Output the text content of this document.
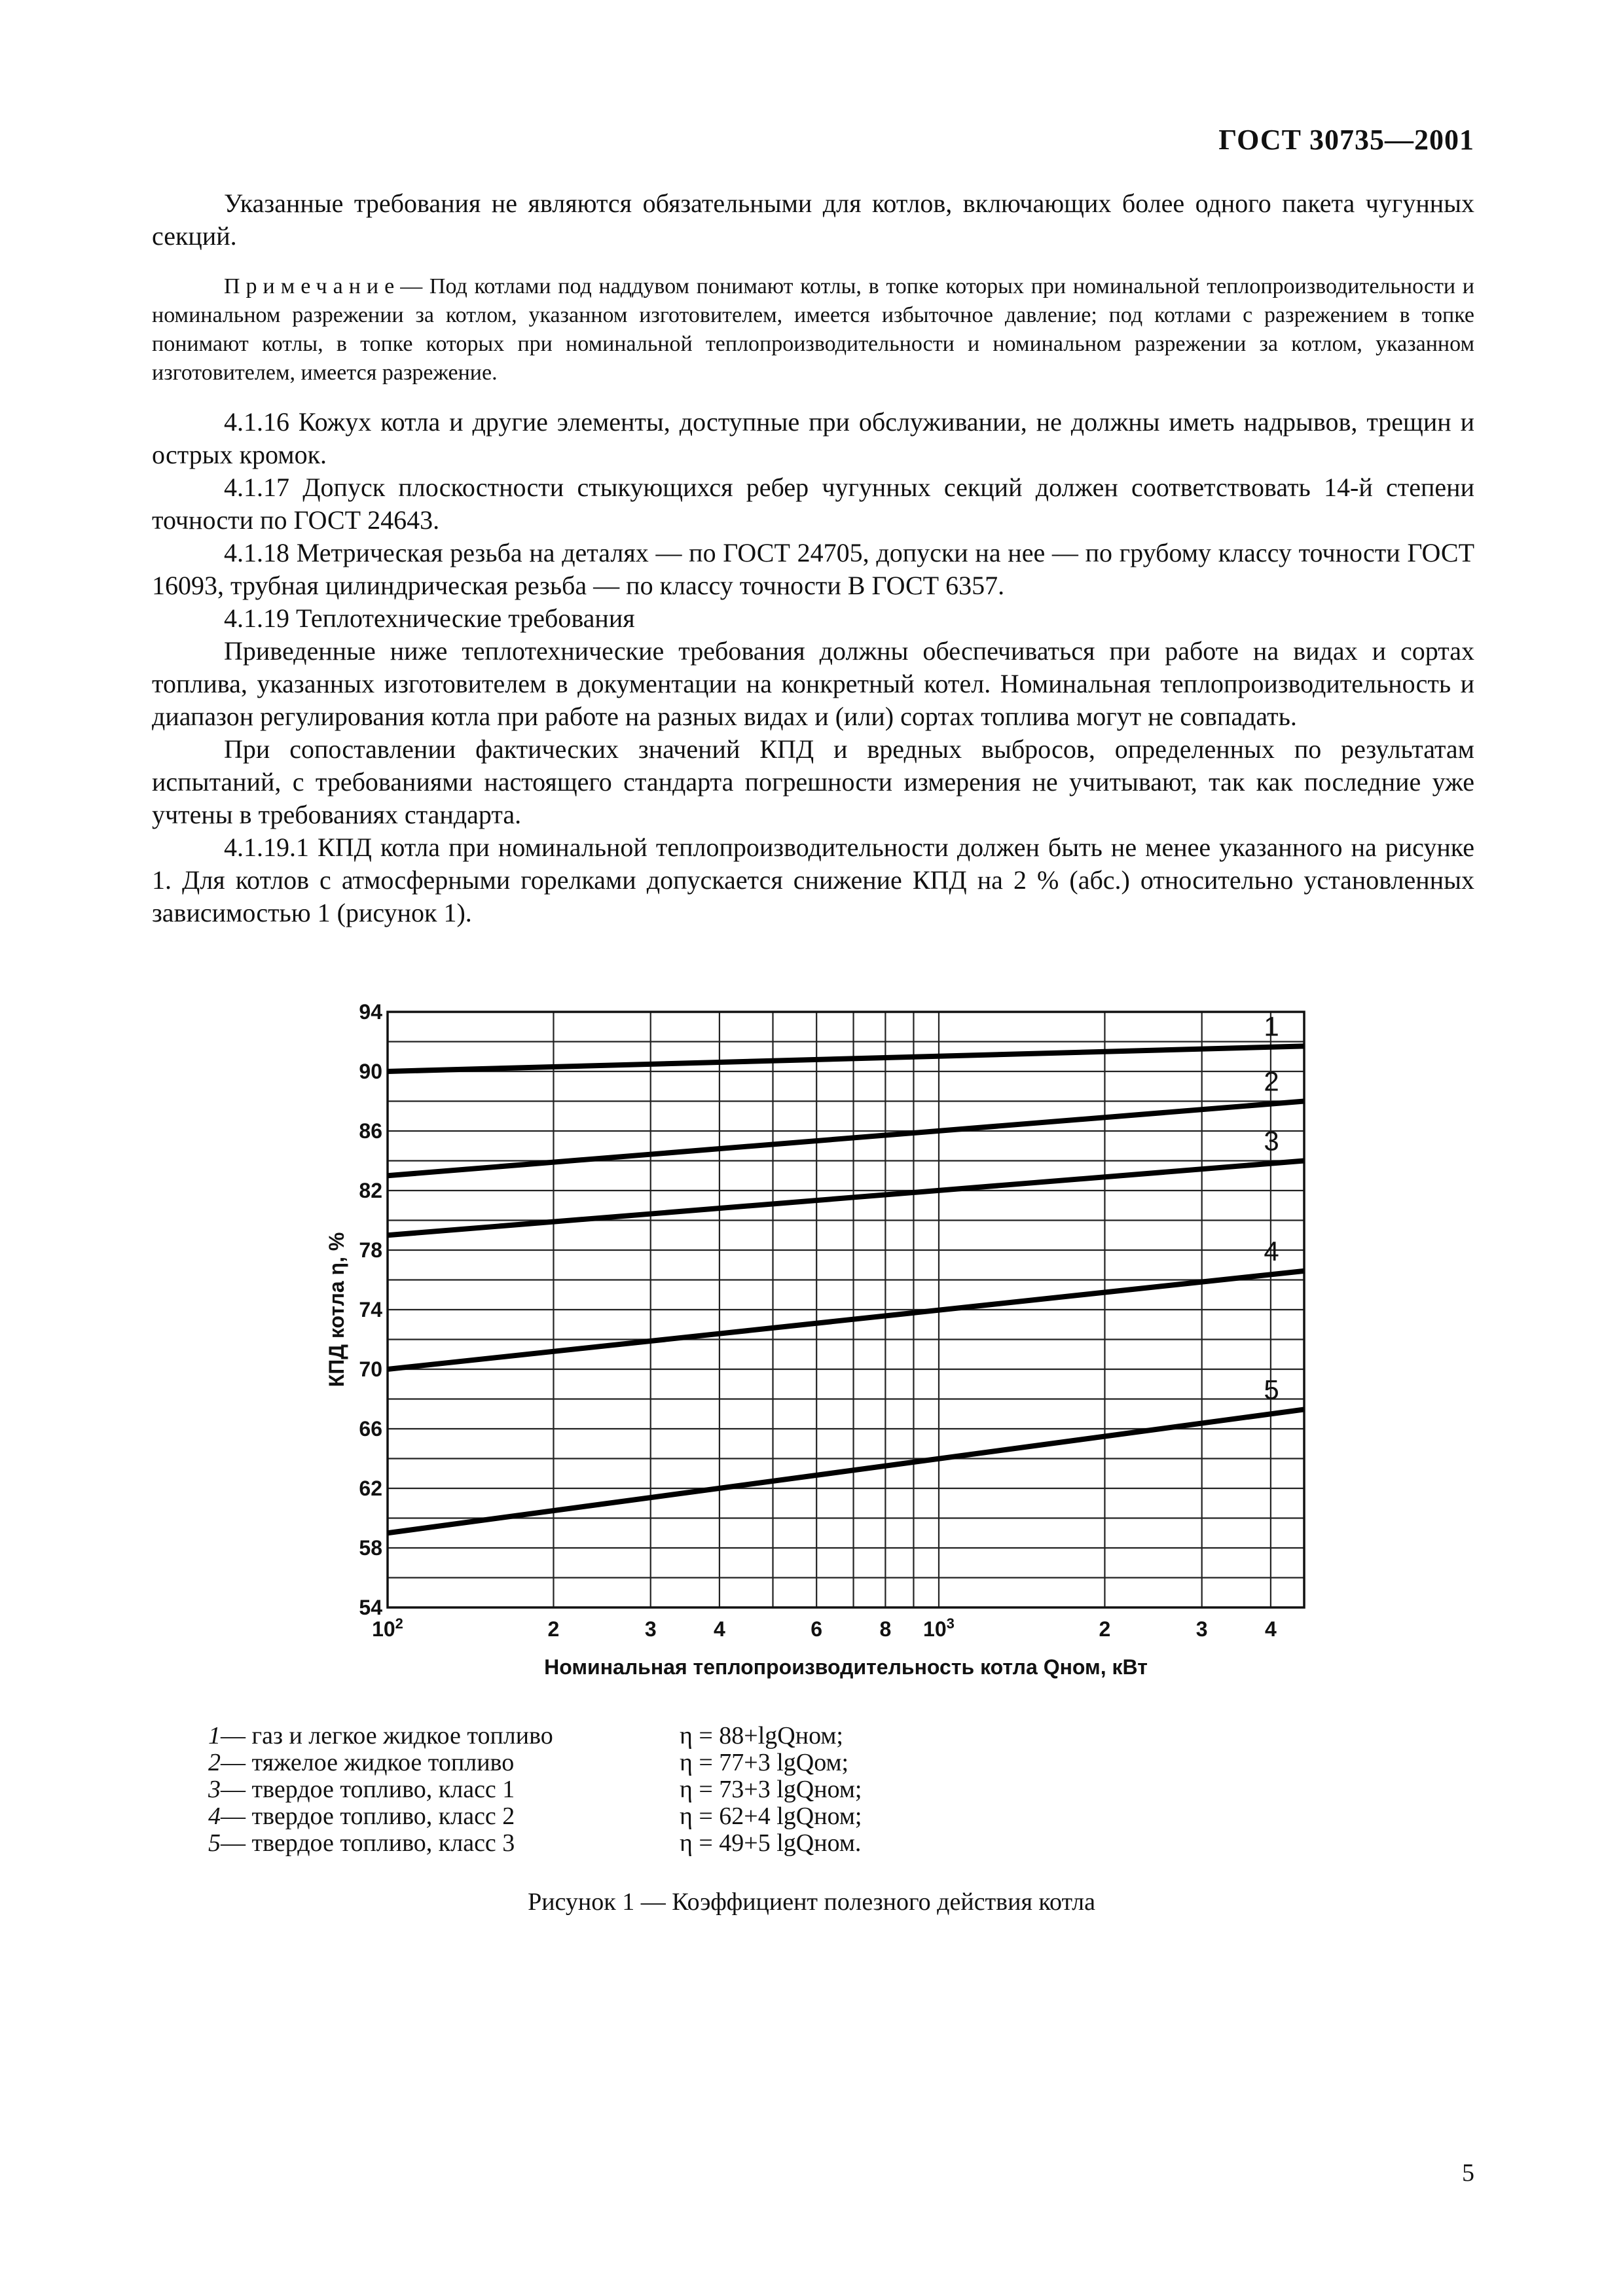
ГОСТ 30735—2001

Указанные требования не являются обязательными для котлов, включающих более одного пакета чугунных секций.

Примечание— Под котлами под наддувом понимают котлы, в топке которых при номинальной теплопроизводительности и номинальном разрежении за котлом, указанном изготовителем, имеется избыточное давление; под котлами с разрежением в топке понимают котлы, в топке которых при номинальной теплопроизводительности и номинальном разрежении за котлом, указанном изготовителем, имеется разрежение.

4.1.16 Кожух котла и другие элементы, доступные при обслуживании, не должны иметь надрывов, трещин и острых кромок.

4.1.17 Допуск плоскостности стыкующихся ребер чугунных секций должен соответствовать 14-й степени точности по ГОСТ 24643.

4.1.18 Метрическая резьба на деталях — по ГОСТ 24705, допуски на нее — по грубому классу точности ГОСТ 16093, трубная цилиндрическая резьба — по классу точности В ГОСТ 6357.

4.1.19 Теплотехнические требования

Приведенные ниже теплотехнические требования должны обеспечиваться при работе на видах и сортах топлива, указанных изготовителем в документации на конкретный котел. Номинальная теплопроизводительность и диапазон регулирования котла при работе на разных видах и (или) сортах топлива могут не совпадать.

При сопоставлении фактических значений КПД и вредных выбросов, определенных по результатам испытаний, с требованиями настоящего стандарта погрешности измерения не учитывают, так как последние уже учтены в требованиях стандарта.

4.1.19.1 КПД котла при номинальной теплопроизводительности должен быть не менее указанного на рисунке 1. Для котлов с атмосферными горелками допускается снижение КПД на 2 % (абс.) относительно установленных зависимостью 1 (рисунок 1).

94
90
86
82
78
74
70
66
62
58
54
$10^2$	2	3	4	6	8 $10^3$	2	3	4
КПД котла η, %
Номинальная теплопроизводительность котла Qном, кВт
1
2
3
4
5
1— газ и легкое жидкое топливо	η = 88+lgQном;
2— тяжелое жидкое топливо	η = 77+3 lgQом;
3— твердое топливо, класс 1	η = 73+3 lgQном;
4— твердое топливо, класс 2	η = 62+4 lgQном;
5— твердое топливо, класс 3	η = 49+5 lgQном.
Рисунок 1 — Коэффициент полезного действия котла
5
